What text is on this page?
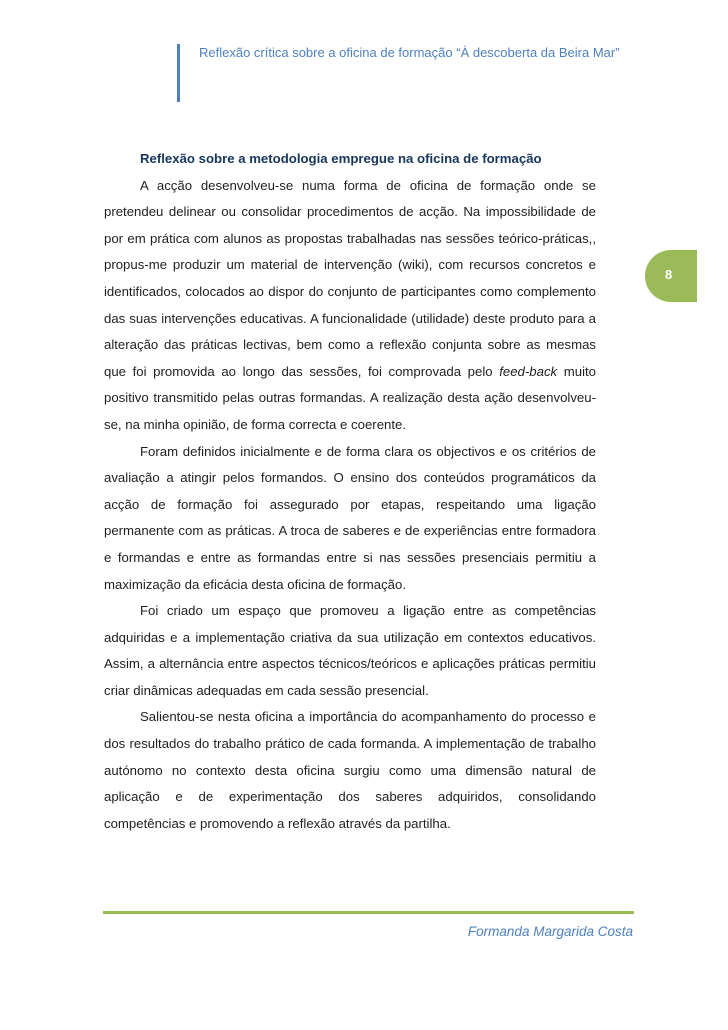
Reflexão crítica sobre a oficina de formação “À descoberta da Beira Mar”
8
Reflexão sobre a metodologia empregue na oficina de formação

A acção desenvolveu-se numa forma de oficina de formação onde se pretendeu delinear ou consolidar procedimentos de acção. Na impossibilidade de por em prática com alunos as propostas trabalhadas nas sessões teórico-práticas,, propus-me produzir um material de intervenção (wiki), com recursos concretos e identificados, colocados ao dispor do conjunto de participantes como complemento das suas intervenções educativas. A funcionalidade (utilidade) deste produto para a alteração das práticas lectivas, bem como a reflexão conjunta sobre as mesmas que foi promovida ao longo das sessões, foi comprovada pelo feed-back muito positivo transmitido pelas outras formandas. A realização desta ação desenvolveu-se, na minha opinião, de forma correcta e coerente.

Foram definidos inicialmente e de forma clara os objectivos e os critérios de avaliação a atingir pelos formandos. O ensino dos conteúdos programáticos da acção de formação foi assegurado por etapas, respeitando uma ligação permanente com as práticas. A troca de saberes e de experiências entre formadora e formandas e entre as formandas entre si nas sessões presenciais permitiu a maximização da eficácia desta oficina de formação.

Foi criado um espaço que promoveu a ligação entre as competências adquiridas e a implementação criativa da sua utilização em contextos educativos. Assim, a alternância entre aspectos técnicos/teóricos e aplicações práticas permitiu criar dinâmicas adequadas em cada sessão presencial.

Salientou-se nesta oficina a importância do acompanhamento do processo e dos resultados do trabalho prático de cada formanda. A implementação de trabalho autónomo no contexto desta oficina surgiu como uma dimensão natural de aplicação e de experimentação dos saberes adquiridos, consolidando competências e promovendo a reflexão através da partilha.

Formanda Margarida Costa
